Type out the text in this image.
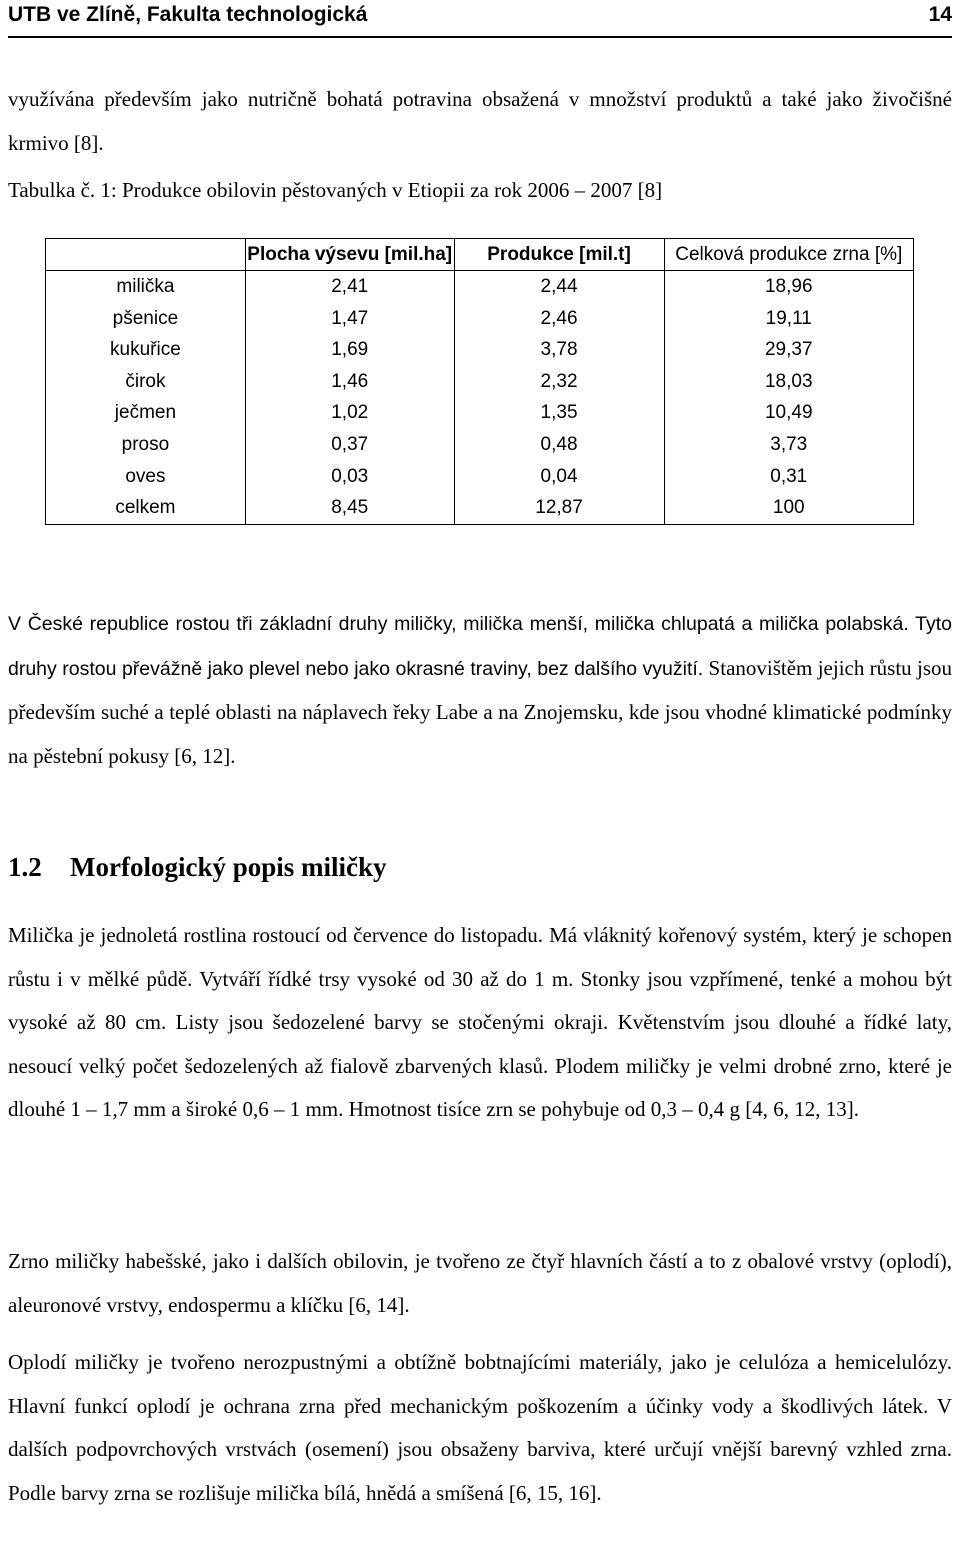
UTB ve Zlíně, Fakulta technologická	14

využívána především jako nutričně bohatá potravina obsažená v množství produktů a také jako živočišné krmivo [8].

Tabulka č. 1: Produkce obilovin pěstovaných v Etiopii za rok 2006 – 2007 [8]
	Plocha výsevu [mil.ha]	Produkce [mil.t]	Celková produkce zrna [%]
milička	2,41	2,44	18,96
pšenice	1,47	2,46	19,11
kukuřice	1,69	3,78	29,37
čirok	1,46	2,32	18,03
ječmen	1,02	1,35	10,49
proso	0,37	0,48	3,73
oves	0,03	0,04	0,31
celkem	8,45	12,87	100

V České republice rostou tři základní druhy miličky, milička menší, milička chlupatá a milička polabská. Tyto druhy rostou převážně jako plevel nebo jako okrasné traviny, bez dalšího využití. Stanovištěm jejich růstu jsou především suché a teplé oblasti na náplavech řeky Labe a na Znojemsku, kde jsou vhodné klimatické podmínky na pěstební pokusy [6, 12].

1.2 Morfologický popis miličky

Milička je jednoletá rostlina rostoucí od července do listopadu. Má vláknitý kořenový systém, který je schopen růstu i v mělké půdě. Vytváří řídké trsy vysoké od 30 až do 1 m. Stonky jsou vzpřímené, tenké a mohou být vysoké až 80 cm. Listy jsou šedozelené barvy se stočenými okraji. Květenstvím jsou dlouhé a řídké laty, nesoucí velký počet šedozelených až fialově zbarvených klasů. Plodem miličky je velmi drobné zrno, které je dlouhé 1 – 1,7 mm a široké 0,6 – 1 mm. Hmotnost tisíce zrn se pohybuje od 0,3 – 0,4 g [4, 6, 12, 13].

Zrno miličky habešské, jako i dalších obilovin, je tvořeno ze čtyř hlavních částí a to z obalové vrstvy (oplodí), aleuronové vrstvy, endospermu a klíčku [6, 14].

Oplodí miličky je tvořeno nerozpustnými a obtížně bobtnajícími materiály, jako je celulóza a hemicelulózy. Hlavní funkcí oplodí je ochrana zrna před mechanickým poškozením a účinky vody a škodlivých látek. V dalších podpovrchových vrstvách (osemení) jsou obsaženy barviva, které určují vnější barevný vzhled zrna. Podle barvy zrna se rozlišuje milička bílá, hnědá a smíšená [6, 15, 16].
